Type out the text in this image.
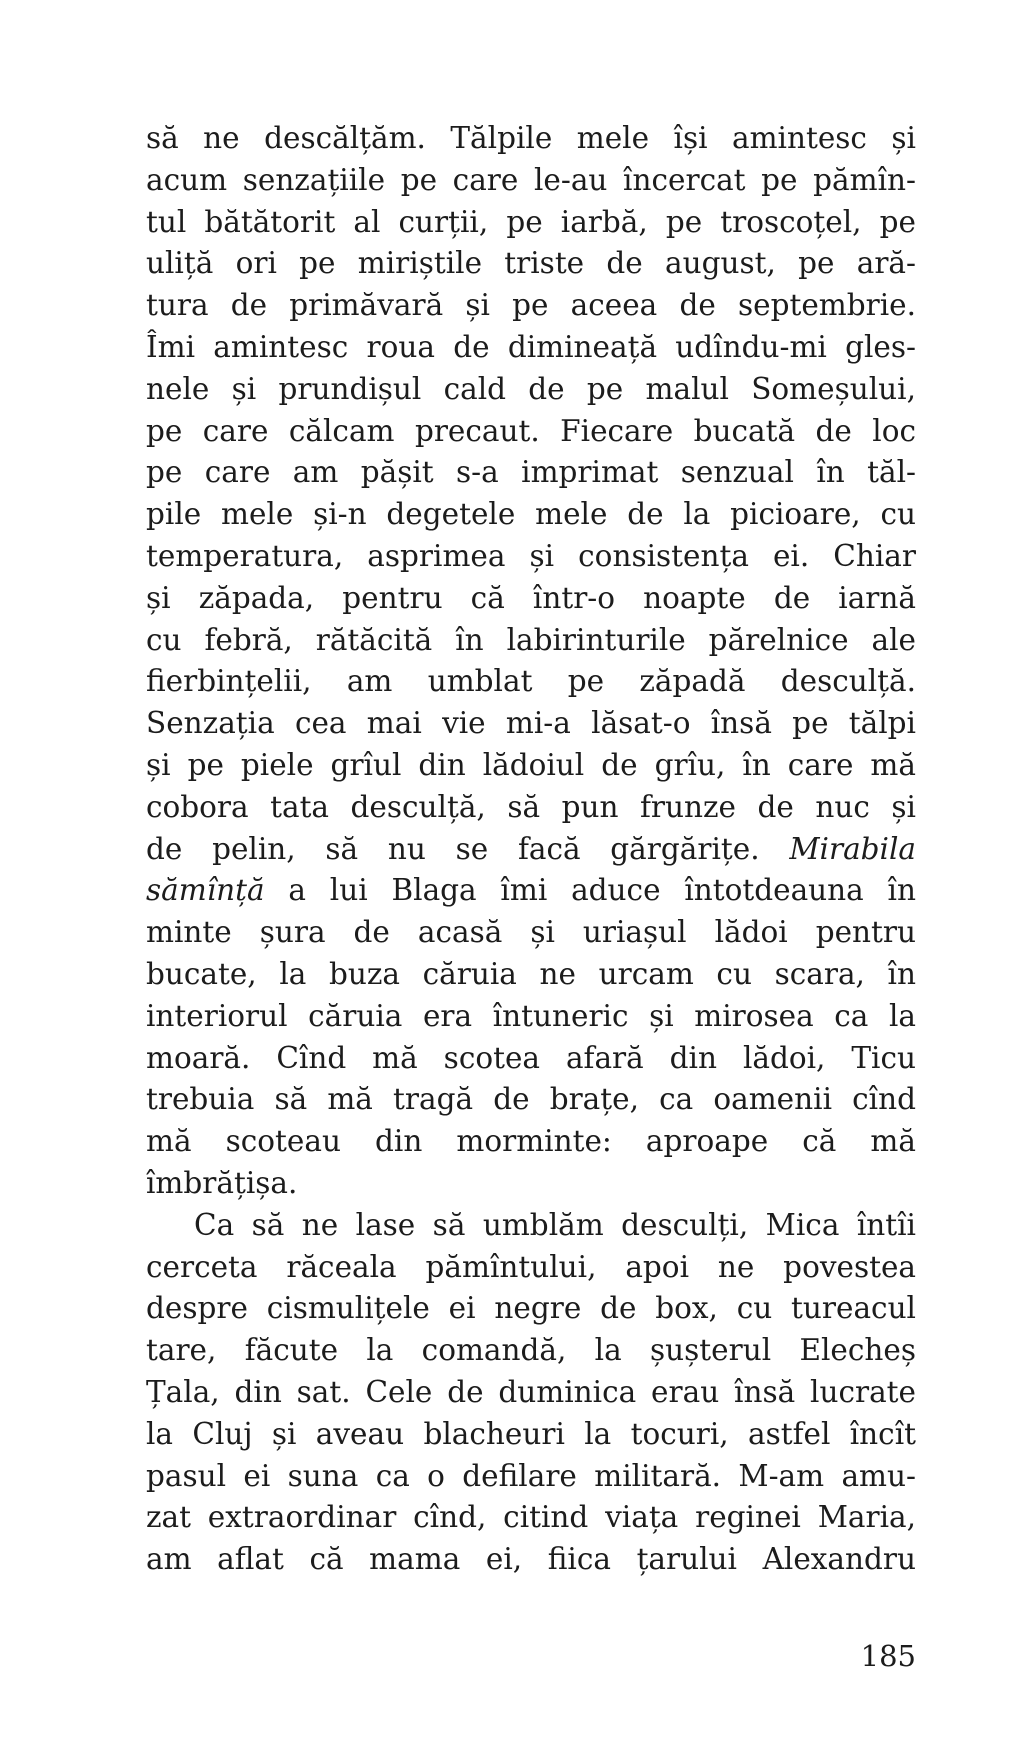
să ne descălțăm. Tălpile mele își amintesc și
acum senzațiile pe care le-au încercat pe pămîn-
tul bătătorit al curții, pe iarbă, pe troscoțel, pe
uliță ori pe miriștile triste de august, pe ară-
tura de primăvară și pe aceea de septembrie.
Îmi amintesc roua de dimineață udîndu-mi gles-
nele și prundișul cald de pe malul Someșului,
pe care călcam precaut. Fiecare bucată de loc
pe care am pășit s-a imprimat senzual în tăl-
pile mele și-n degetele mele de la picioare, cu
temperatura, asprimea și consistența ei. Chiar
și zăpada, pentru că într-o noapte de iarnă
cu febră, rătăcită în labirinturile părelnice ale
fierbințelii, am umblat pe zăpadă desculță.
Senzația cea mai vie mi-a lăsat-o însă pe tălpi
și pe piele grîul din lădoiul de grîu, în care mă
cobora tata desculță, să pun frunze de nuc și
de pelin, să nu se facă gărgărițe. Mirabila
sămînță a lui Blaga îmi aduce întotdeauna în
minte șura de acasă și uriașul lădoi pentru
bucate, la buza căruia ne urcam cu scara, în
interiorul căruia era întuneric și mirosea ca la
moară. Cînd mă scotea afară din lădoi, Ticu
trebuia să mă tragă de brațe, ca oamenii cînd
mă scoteau din morminte: aproape că mă
îmbrățișa.
Ca să ne lase să umblăm desculți, Mica întîi
cerceta răceala pămîntului, apoi ne povestea
despre cismulițele ei negre de box, cu tureacul
tare, făcute la comandă, la șușterul Elecheș
Țala, din sat. Cele de duminica erau însă lucrate
la Cluj și aveau blacheuri la tocuri, astfel încît
pasul ei suna ca o defilare militară. M-am amu-
zat extraordinar cînd, citind viața reginei Maria,
am aflat că mama ei, fiica țarului Alexandru
185
